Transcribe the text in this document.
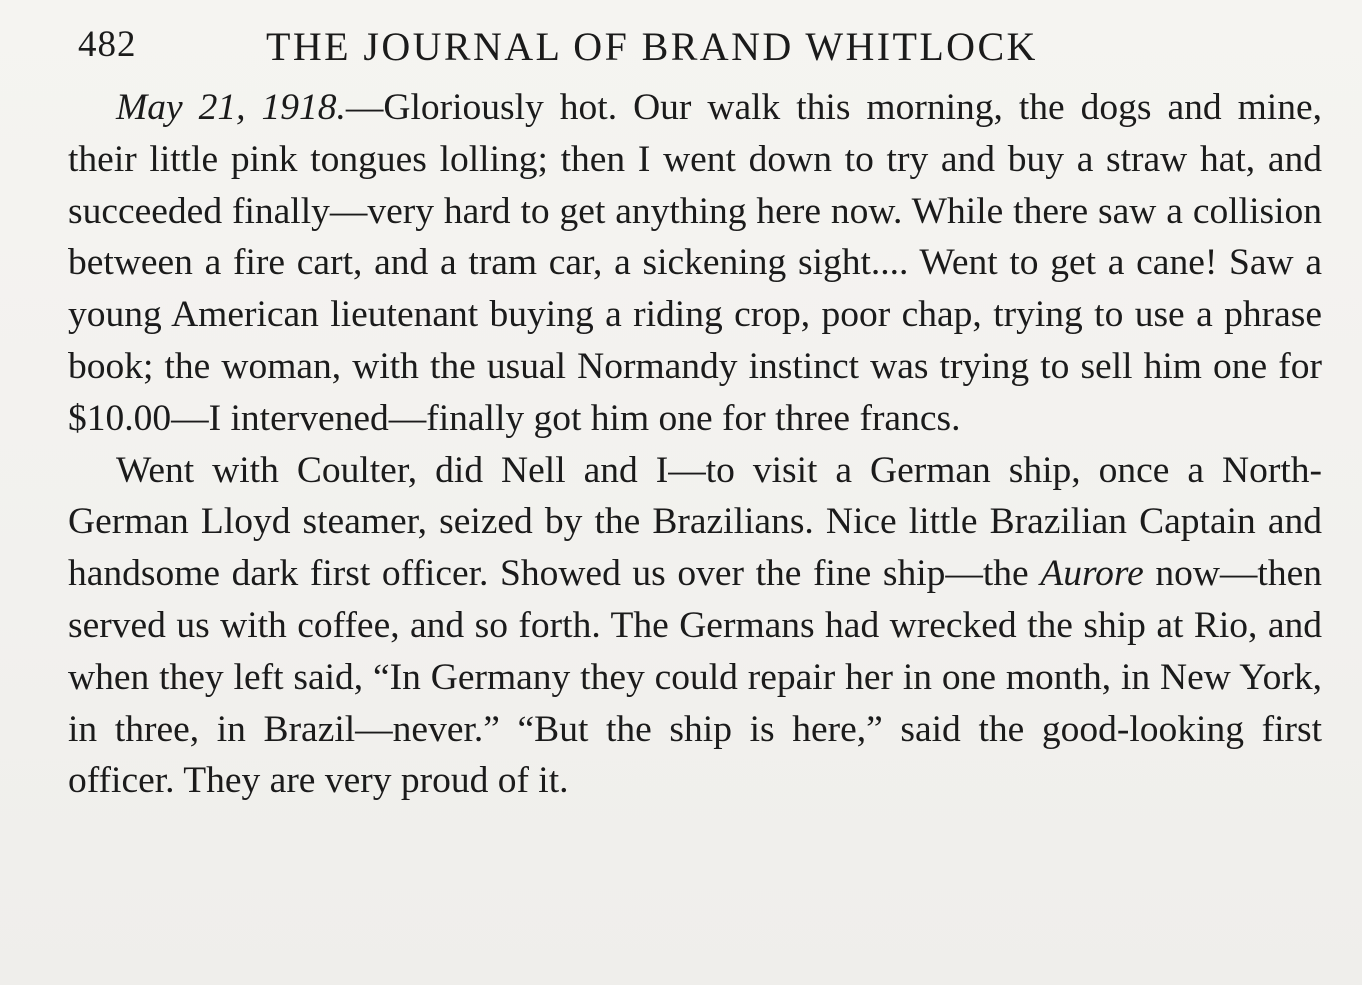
482	THE JOURNAL OF BRAND WHITLOCK

May 21, 1918.—Gloriously hot. Our walk this morning, the dogs and mine, their little pink tongues lolling; then I went down to try and buy a straw hat, and succeeded finally—very hard to get anything here now. While there saw a collision between a fire cart, and a tram car, a sickening sight.... Went to get a cane! Saw a young American lieutenant buying a riding crop, poor chap, trying to use a phrase book; the woman, with the usual Normandy instinct was trying to sell him one for $10.00—I intervened—finally got him one for three francs.

Went with Coulter, did Nell and I—to visit a German ship, once a North-German Lloyd steamer, seized by the Brazilians. Nice little Brazilian Captain and handsome dark first officer. Showed us over the fine ship—the Aurore now—then served us with coffee, and so forth. The Germans had wrecked the ship at Rio, and when they left said, “In Germany they could repair her in one month, in New York, in three, in Brazil—never.” “But the ship is here,” said the good-looking first officer. They are very proud of it.
